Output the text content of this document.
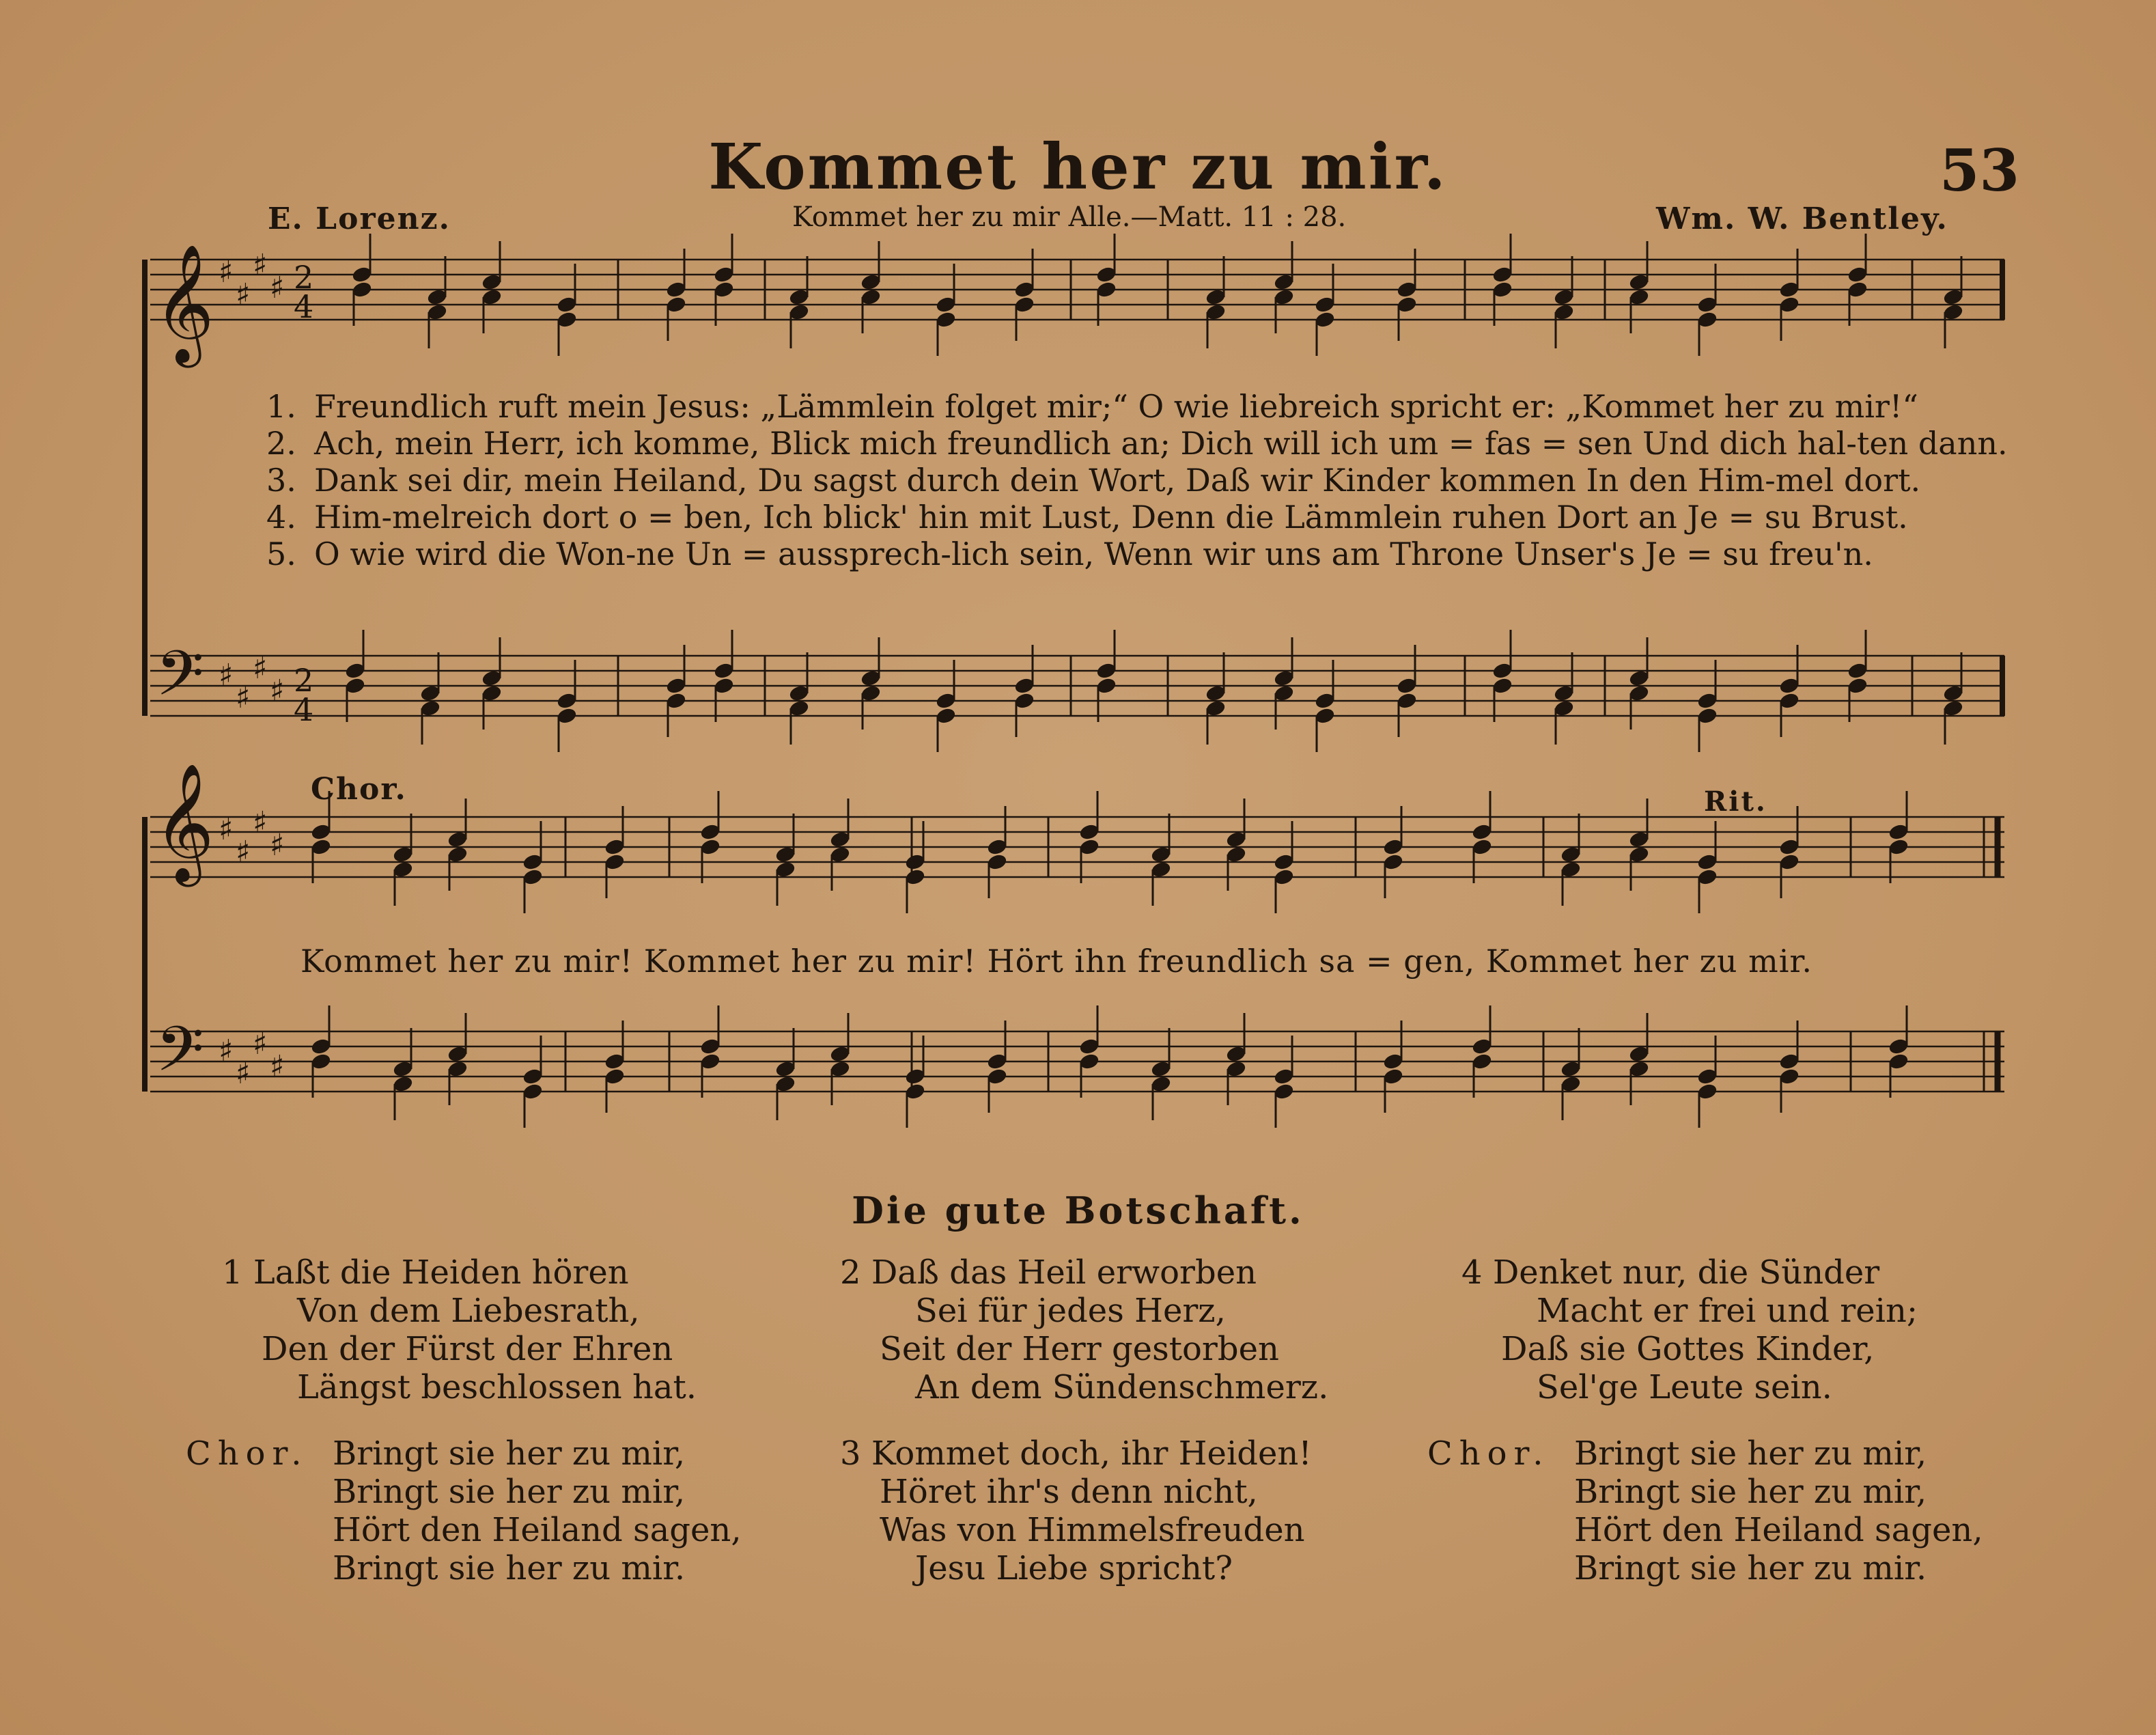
Kommet her zu mir.	53
E. Lorenz.	Kommet her zu mir Alle.—Matt. 11 : 28.	Wm. W. Bentley.
𝄞
𝄞
𝄢
𝄢
♯
♯
♯
♯
♯
♯
♯
♯
♯
♯
♯
♯
♯
♯
♯
♯
2
4
2
4
1. Freundlich ruft mein Jesus: „Lämmlein folget mir;“ O wie liebreich spricht er: „Kommet her zu mir!“
2. Ach, mein Herr, ich komme, Blick mich freundlich an; Dich will ich um = fas = sen Und dich hal-ten dann.
3. Dank sei dir, mein Heiland, Du sagst durch dein Wort, Daß wir Kinder kommen In den Him-mel dort.
4. Him-melreich dort o = ben, Ich blick' hin mit Lust, Denn die Lämmlein ruhen Dort an Je = su Brust.
5. O wie wird die Won-ne Un = aussprech-lich sein, Wenn wir uns am Throne Unser's Je = su freu'n.
Chor.	Rit.
Kommet her zu mir! Kommet her zu mir! Hört ihn freundlich sa = gen, Kommet her zu mir.
Die gute Botschaft.
1 Laßt die Heiden hören
Von dem Liebesrath,
Den der Fürst der Ehren
Längst beschlossen hat.
Chor. Bringt sie her zu mir,
Bringt sie her zu mir,
Hört den Heiland sagen,
Bringt sie her zu mir.
2 Daß das Heil erworben
Sei für jedes Herz,
Seit der Herr gestorben
An dem Sündenschmerz.
3 Kommet doch, ihr Heiden!
Höret ihr's denn nicht,
Was von Himmelsfreuden
Jesu Liebe spricht?
4 Denket nur, die Sünder
Macht er frei und rein;
Daß sie Gottes Kinder,
Sel'ge Leute sein.
Chor. Bringt sie her zu mir,
Bringt sie her zu mir,
Hört den Heiland sagen,
Bringt sie her zu mir.
